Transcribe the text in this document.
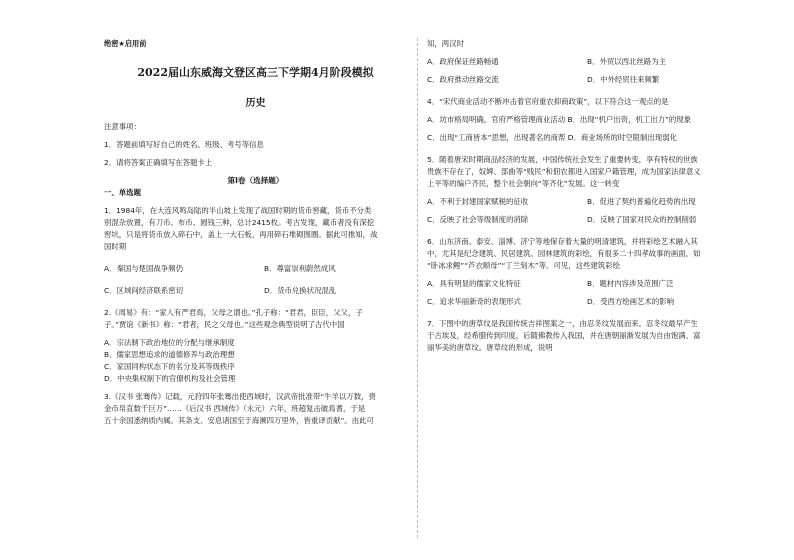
绝密★启用前
2022届山东威海文登区高三下学期4月阶段模拟
历史
注意事项：
1．答题前填写好自己的姓名、班级、考号等信息
2．请将答案正确填写在答题卡上
第I卷（选择题）
一、单选题
1．1984年，在大连风鸣岛陆的半山坡上发现了战国时期的货币窖藏，货币不分类
别混杂放置，有刀币、布币、圆钱三种，总计2415枚。考古发现，藏币者没有深挖
窖坑，只是将货币放入碎石中，盖上一大石板，再用碎石堆砌围圈。据此可推知，战
国时期
A．秦国与楚国战争频仍	B．尊富崇利蔚然成风
C．区域间经济联系密切	D．货币兑换状况混乱
2.《周易》有：“家人有严君焉，父母之谓也。”孔子称：“君君，臣臣，父父，子
子。”贾谊《新书》称：“君者，民之父母也。”这些观念典型说明了古代中国
A．宗法制下政治地位的分配与继承制度
B．儒家思想追求的道德修养与政治理想
C．家国同构状态下的名分及其等级秩序
D．中央集权制下的官僚机构及社会管理
3.《汉书 张骞传》记载，元狩四年张骞出使西域时，汉武帝批准带“牛羊以万数，赍
金币帛直数千巨万”……《后汉书 西域传》（永元）六年，班超复击破焉耆，于是
五十余国悉纳质内属。其条支、安息诸国至于海濒四万里外，皆重译贡献”。由此可
知，两汉时
A．政府保证丝路畅通	B．外贸以西北丝路为主
C．政府推动丝路交流	D．中外经贸往来频繁
4．“宋代商业活动不断冲击着官府重农抑商政策”，以下符合这一观点的是
A．坊市格局明确，官府严格管理商业活动 B．出现“机户出资，机工出力”的现象
C．出现“工商皆本”思想，出现著名的商帮 D．商业场所的时空限制出现弱化
5．随着唐宋时期商品经济的发展，中国传统社会发生了重要转变，享有特权的世族
贵族不存在了，奴婢、部曲等“贱民”和佃农都进入国家户籍管理，成为国家法律意义
上平等的编户齐民，整个社会朝向“等齐化”发展。这一转变
A．不利于封建国家赋税的征收	B．促进了契约普遍化趋势的出现
C．反映了社会等级制度的消除	D．反映了国家对民众的控制削弱
6．山东济南、泰安、淄博、济宁等地保存着大量的明清建筑，并将彩绘艺术融入其
中，尤其是纪念建筑、民居建筑、园林建筑的彩绘，有很多二十四孝故事的画面，如
“卧冰求鲤”“芦衣顺母”“丁兰刻木”等。可见，这些建筑彩绘
A．具有明显的儒家文化特征	B．题材内容涉及范围广泛
C．追求华丽新奇的表现形式	D．受西方绘画艺术的影响
7．下图中的唐草纹是我国传统吉祥图案之一，由忍冬纹发展而来。忍冬纹最早产生
于古埃及，经希腊传到印度，后随佛教传入我国，并在唐朝丽渐发展为自由饱满、富
丽华美的唐草纹。唐草纹的形成，说明
